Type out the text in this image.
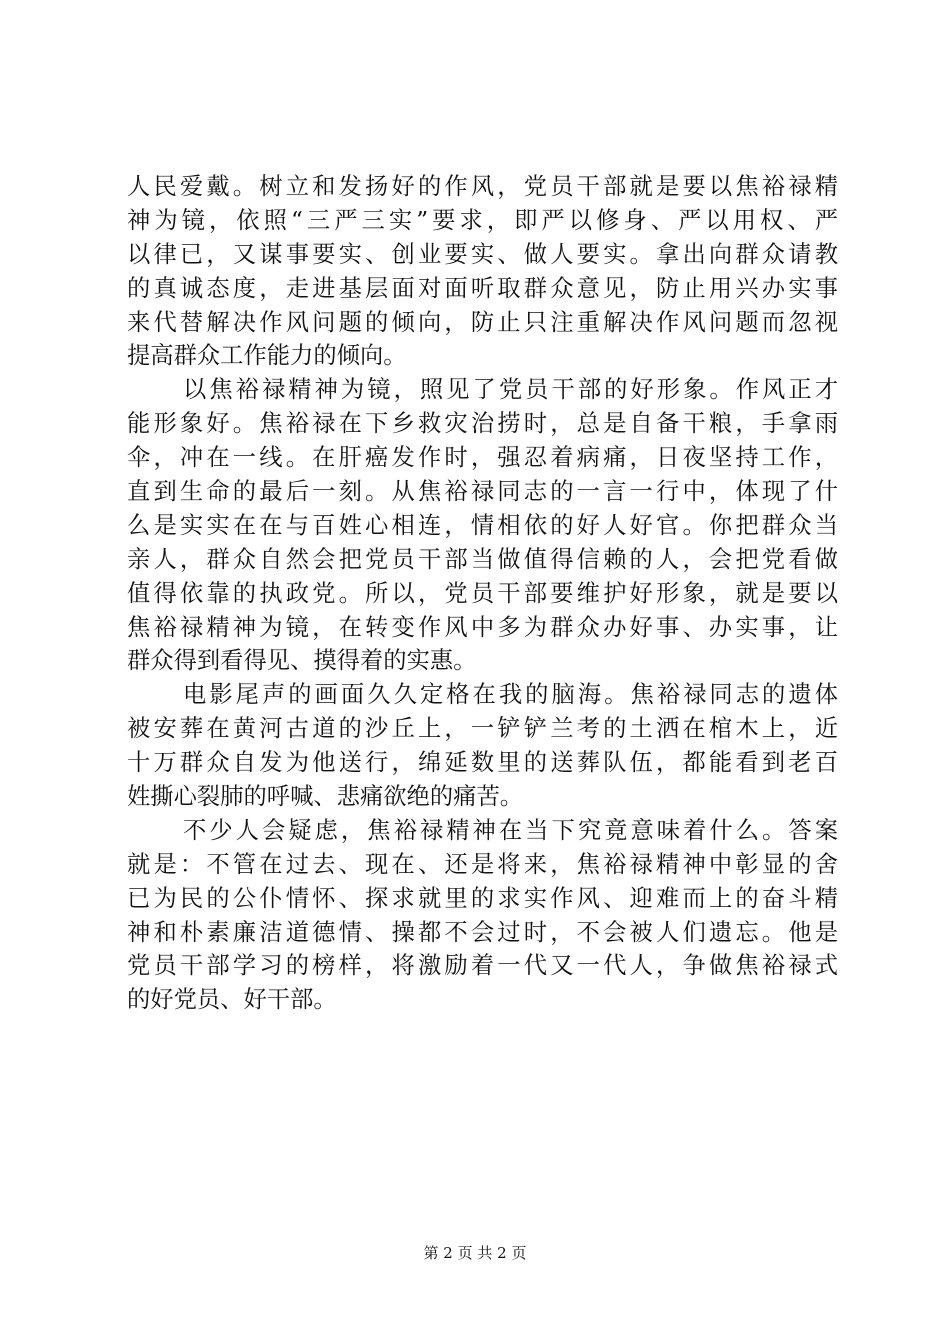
人民爱戴。树立和发扬好的作风，党员干部就是要以焦裕禄精
神为镜，依照“三严三实”要求，即严以修身、严以用权、严
以律已，又谋事要实、创业要实、做人要实。拿出向群众请教
的真诚态度，走进基层面对面听取群众意见，防止用兴办实事
来代替解决作风问题的倾向，防止只注重解决作风问题而忽视
提高群众工作能力的倾向。
以焦裕禄精神为镜，照见了党员干部的好形象。作风正才
能形象好。焦裕禄在下乡救灾治捞时，总是自备干粮，手拿雨
伞，冲在一线。在肝癌发作时，强忍着病痛，日夜坚持工作，
直到生命的最后一刻。从焦裕禄同志的一言一行中，体现了什
么是实实在在与百姓心相连，情相依的好人好官。你把群众当
亲人，群众自然会把党员干部当做值得信赖的人，会把党看做
值得依靠的执政党。所以，党员干部要维护好形象，就是要以
焦裕禄精神为镜，在转变作风中多为群众办好事、办实事，让
群众得到看得见、摸得着的实惠。
电影尾声的画面久久定格在我的脑海。焦裕禄同志的遗体
被安葬在黄河古道的沙丘上，一铲铲兰考的土洒在棺木上，近
十万群众自发为他送行，绵延数里的送葬队伍，都能看到老百
姓撕心裂肺的呼喊、悲痛欲绝的痛苦。
不少人会疑虑，焦裕禄精神在当下究竟意味着什么。答案
就是：不管在过去、现在、还是将来，焦裕禄精神中彰显的舍
已为民的公仆情怀、探求就里的求实作风、迎难而上的奋斗精
神和朴素廉洁道德情、操都不会过时，不会被人们遗忘。他是
党员干部学习的榜样，将激励着一代又一代人，争做焦裕禄式
的好党员、好干部。
第 2 页 共 2 页
